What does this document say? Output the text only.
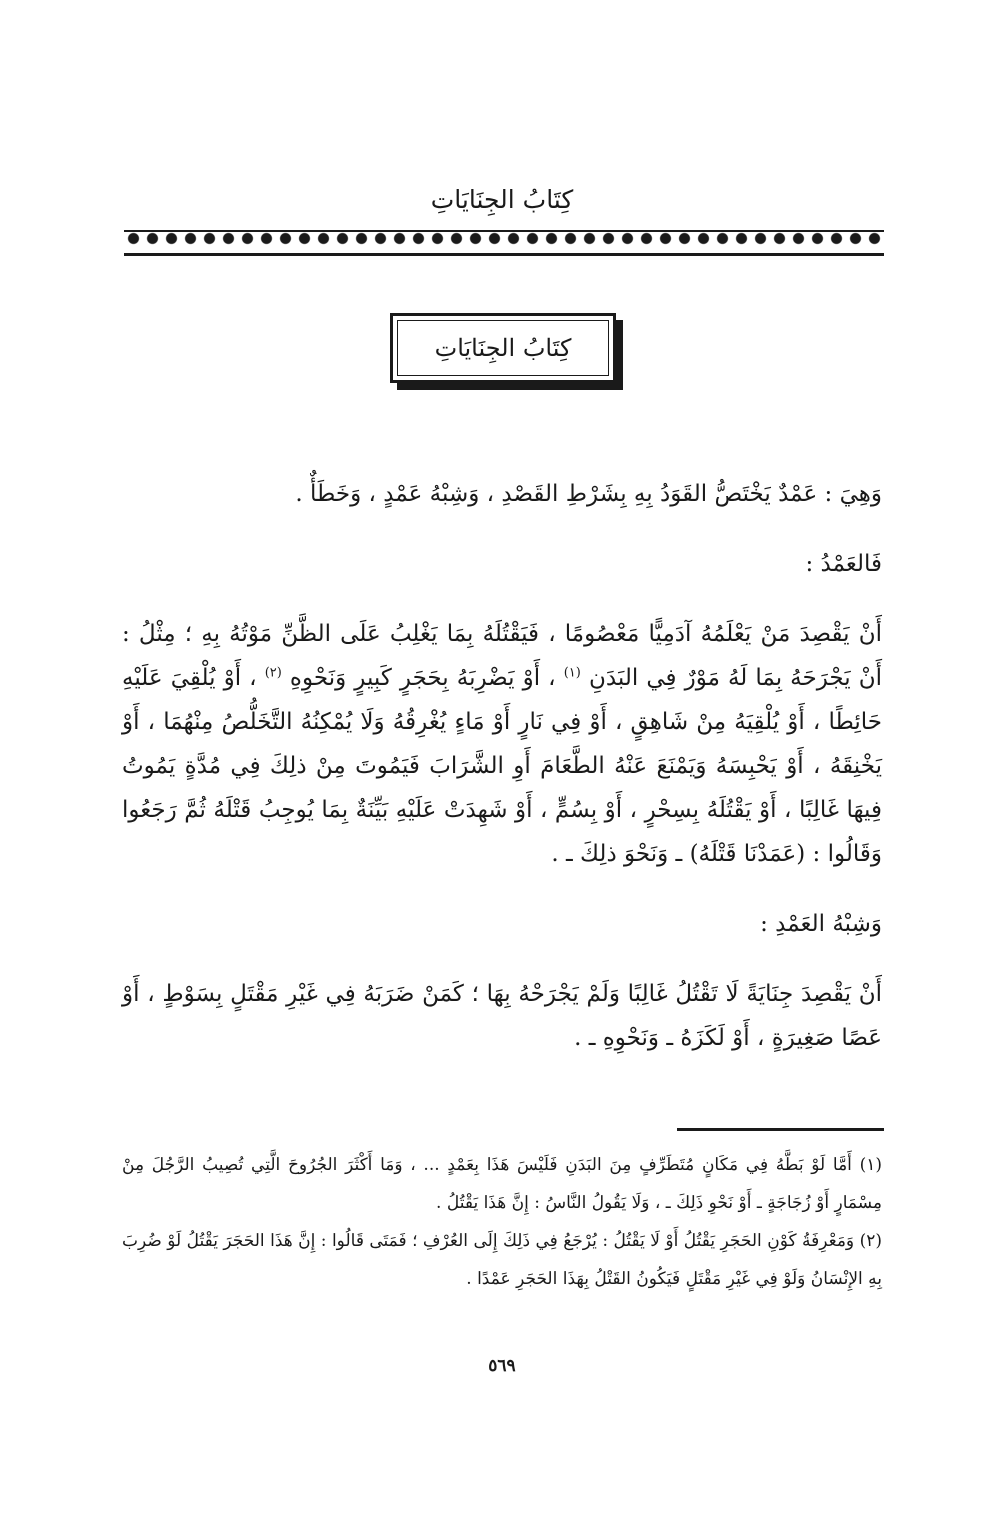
كِتَابُ الجِنَايَاتِ
كِتَابُ الجِنَايَاتِ

وَهِيَ : عَمْدٌ يَخْتَصُّ القَوَدُ بِهِ بِشَرْطِ القَصْدِ ، وَشِبْهُ عَمْدٍ ، وَخَطَأٌ .

فَالعَمْدُ :

أَنْ يَقْصِدَ مَنْ يَعْلَمُهُ آدَمِيًّا مَعْصُومًا ، فَيَقْتُلَهُ بِمَا يَغْلِبُ عَلَى الظَّنِّ مَوْتُهُ بِهِ ؛ مِثْلُ : أَنْ يَجْرَحَهُ بِمَا لَهُ مَوْرٌ فِي البَدَنِ $^{(١)}$ ، أَوْ يَضْرِبَهُ بِحَجَرٍ كَبِيرٍ وَنَحْوِهِ $^{(٢)}$ ، أَوْ يُلْقِيَ عَلَيْهِ حَائِطًا ، أَوْ يُلْقِيَهُ مِنْ شَاهِقٍ ، أَوْ فِي نَارٍ أَوْ مَاءٍ يُغْرِقُهُ وَلَا يُمْكِنُهُ التَّخَلُّصُ مِنْهُمَا ، أَوْ يَخْنِقَهُ ، أَوْ يَحْبِسَهُ وَيَمْنَعَ عَنْهُ الطَّعَامَ أَوِ الشَّرَابَ فَيَمُوتَ مِنْ ذلِكَ فِي مُدَّةٍ يَمُوتُ فِيهَا غَالِبًا ، أَوْ يَقْتُلَهُ بِسِحْرٍ ، أَوْ بِسُمٍّ ، أَوْ شَهِدَتْ عَلَيْهِ بَيِّنَةٌ بِمَا يُوجِبُ قَتْلَهُ ثُمَّ رَجَعُوا وَقَالُوا : (عَمَدْنَا قَتْلَهُ) ـ وَنَحْوَ ذلِكَ ـ .

وَشِبْهُ العَمْدِ :

أَنْ يَقْصِدَ جِنَايَةً لَا تَقْتُلُ غَالِبًا وَلَمْ يَجْرَحْهُ بِهَا ؛ كَمَنْ ضَرَبَهُ فِي غَيْرِ مَقْتَلٍ بِسَوْطٍ ، أَوْ عَصًا صَغِيرَةٍ ، أَوْ لَكَزَهُ ـ وَنَحْوِهِ ـ .

(١) أَمَّا لَوْ بَطَّهُ فِي مَكَانٍ مُتَطَرِّفٍ مِنَ البَدَنِ فَلَيْسَ هَذَا بِعَمْدٍ ... ، وَمَا أَكْثَرَ الجُرُوحَ الَّتِي تُصِيبُ الرَّجُلَ مِنْ مِسْمَارٍ أَوْ زُجَاجَةٍ ـ أَوْ نَحْوِ ذَلِكَ ـ ، وَلَا يَقُولُ النَّاسُ : إِنَّ هَذَا يَقْتُلُ .

(٢) وَمَعْرِفَةُ كَوْنِ الحَجَرِ يَقْتُلُ أَوْ لَا يَقْتُلُ : يُرْجَعُ فِي ذَلِكَ إِلَى العُرْفِ ؛ فَمَتَى قَالُوا : إِنَّ هَذَا الحَجَرَ يَقْتُلُ لَوْ ضُرِبَ بِهِ الإِنْسَانُ وَلَوْ فِي غَيْرِ مَقْتَلٍ فَيَكُونُ القَتْلُ بِهَذَا الحَجَرِ عَمْدًا .

٥٦٩
